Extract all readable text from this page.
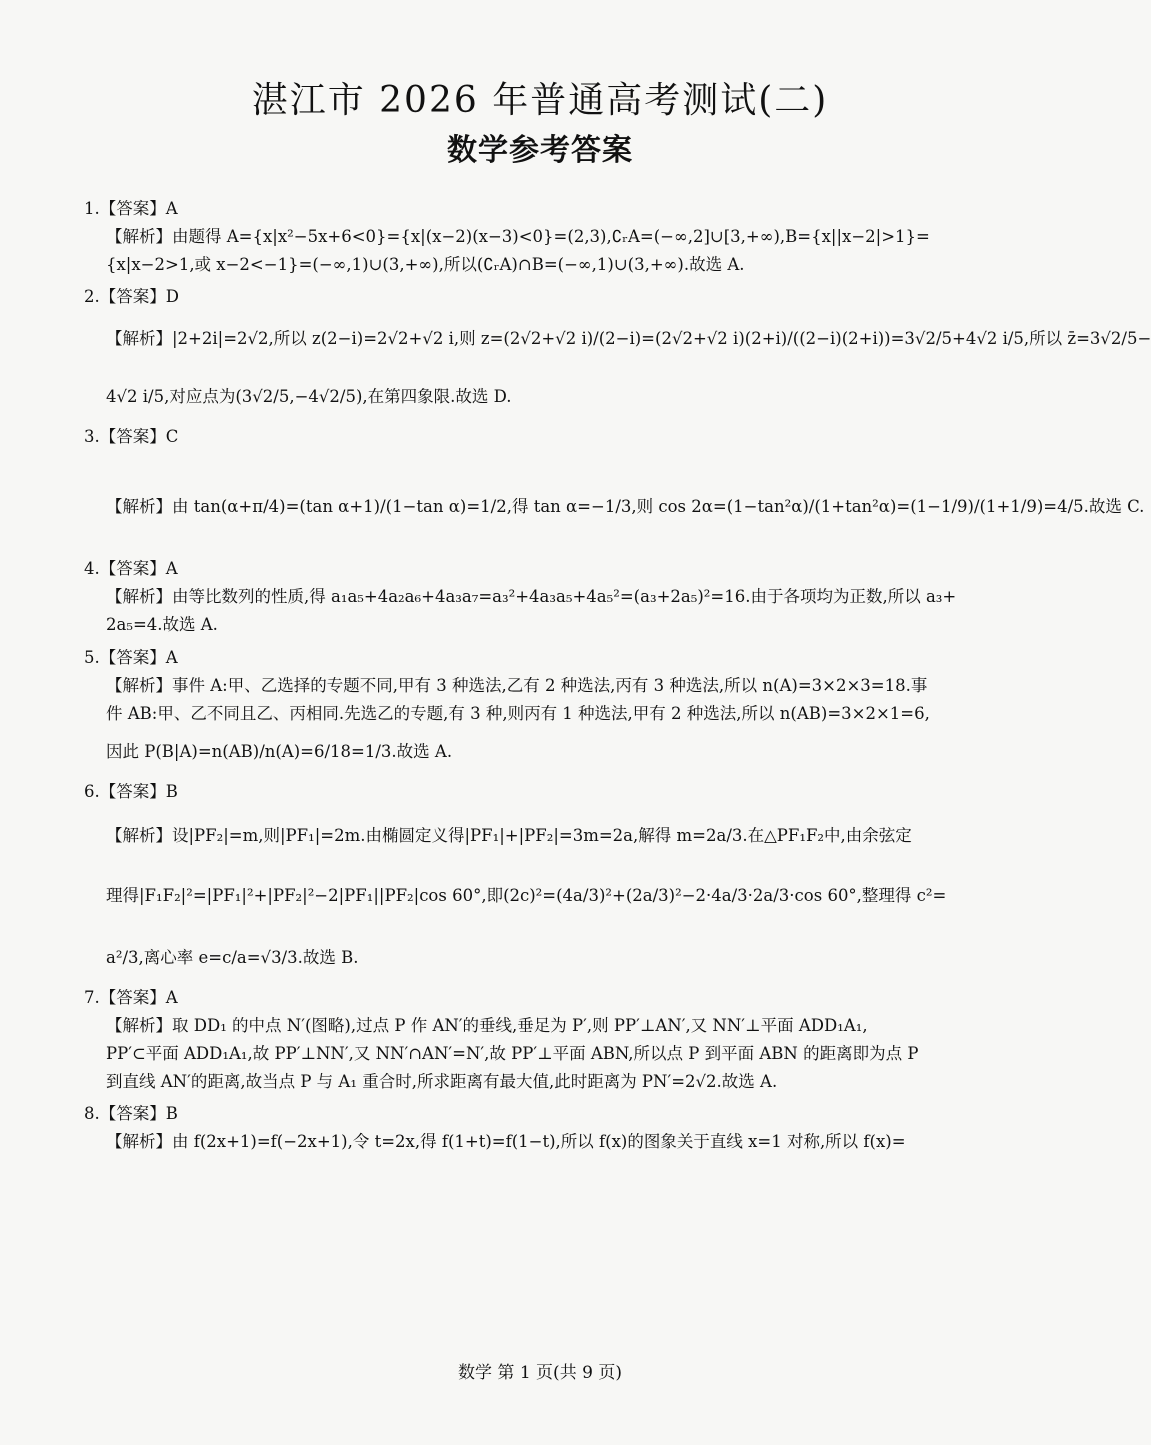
湛江市 2026 年普通高考测试(二)
数学参考答案
1.【答案】A
【解析】由题得 A={x|x²−5x+6<0}={x|(x−2)(x−3)<0}=(2,3),∁ᵣA=(−∞,2]∪[3,+∞),B={x||x−2|>1}=
{x|x−2>1,或 x−2<−1}=(−∞,1)∪(3,+∞),所以(∁ᵣA)∩B=(−∞,1)∪(3,+∞).故选 A.
2.【答案】D
【解析】|2+2i|=2√2,所以 z(2−i)=2√2+√2 i,则 z=(2√2+√2 i)/(2−i)=(2√2+√2 i)(2+i)/((2−i)(2+i))=3√2/5+4√2 i/5,所以 z̄=3√2/5−
4√2 i/5,对应点为(3√2/5,−4√2/5),在第四象限.故选 D.
3.【答案】C
【解析】由 tan(α+π/4)=(tan α+1)/(1−tan α)=1/2,得 tan α=−1/3,则 cos 2α=(1−tan²α)/(1+tan²α)=(1−1/9)/(1+1/9)=4/5.故选 C.
4.【答案】A
【解析】由等比数列的性质,得 a₁a₅+4a₂a₆+4a₃a₇=a₃²+4a₃a₅+4a₅²=(a₃+2a₅)²=16.由于各项均为正数,所以 a₃+
2a₅=4.故选 A.
5.【答案】A
【解析】事件 A:甲、乙选择的专题不同,甲有 3 种选法,乙有 2 种选法,丙有 3 种选法,所以 n(A)=3×2×3=18.事
件 AB:甲、乙不同且乙、丙相同.先选乙的专题,有 3 种,则丙有 1 种选法,甲有 2 种选法,所以 n(AB)=3×2×1=6,
因此 P(B|A)=n(AB)/n(A)=6/18=1/3.故选 A.
6.【答案】B
【解析】设|PF₂|=m,则|PF₁|=2m.由椭圆定义得|PF₁|+|PF₂|=3m=2a,解得 m=2a/3.在△PF₁F₂中,由余弦定
理得|F₁F₂|²=|PF₁|²+|PF₂|²−2|PF₁||PF₂|cos 60°,即(2c)²=(4a/3)²+(2a/3)²−2·4a/3·2a/3·cos 60°,整理得 c²=
a²/3,离心率 e=c/a=√3/3.故选 B.
7.【答案】A
【解析】取 DD₁ 的中点 N′(图略),过点 P 作 AN′的垂线,垂足为 P′,则 PP′⊥AN′,又 NN′⊥平面 ADD₁A₁,
PP′⊂平面 ADD₁A₁,故 PP′⊥NN′,又 NN′∩AN′=N′,故 PP′⊥平面 ABN,所以点 P 到平面 ABN 的距离即为点 P
到直线 AN′的距离,故当点 P 与 A₁ 重合时,所求距离有最大值,此时距离为 PN′=2√2.故选 A.
8.【答案】B
【解析】由 f(2x+1)=f(−2x+1),令 t=2x,得 f(1+t)=f(1−t),所以 f(x)的图象关于直线 x=1 对称,所以 f(x)=
数学 第 1 页(共 9 页)
